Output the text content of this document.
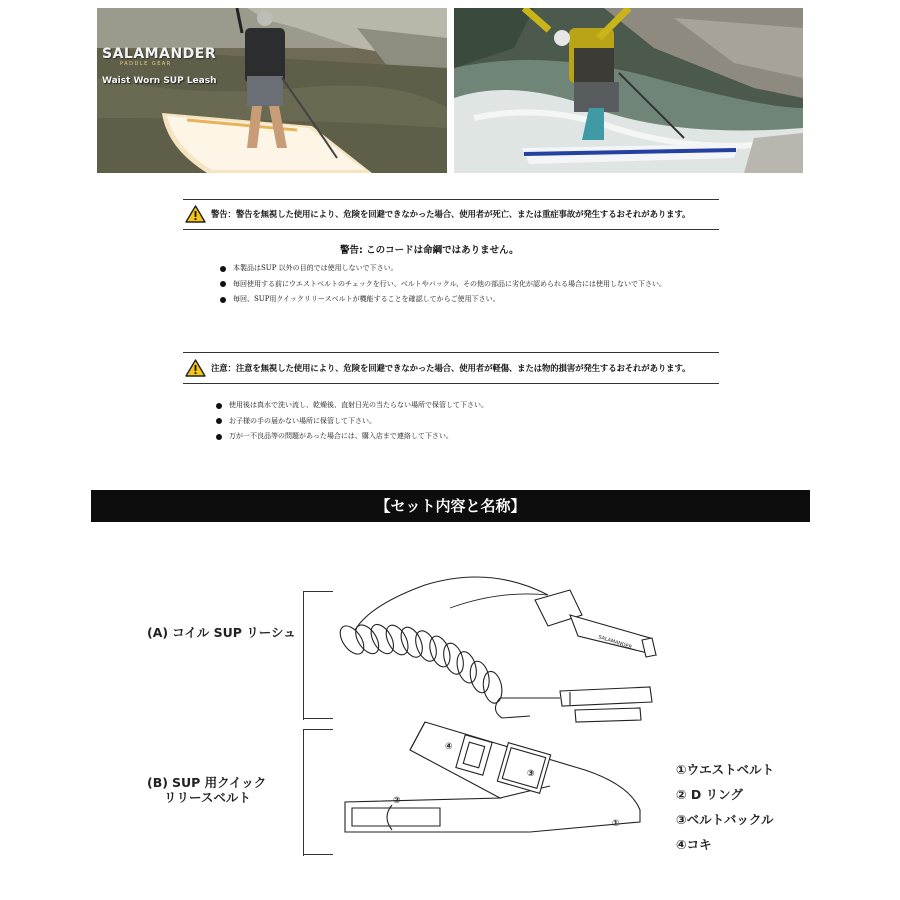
SALAMANDER
PADDLE GEAR
Waist Worn SUP Leash
警告：警告を無視した使用により、危険を回避できなかった場合、使用者が死亡、または重症事故が発生するおそれがあります。
警告: このコードは命綱ではありません。
本製品はSUP 以外の目的では使用しないで下さい。
毎回使用する前にウエストベルトのチェックを行い、ベルトやバックル、その他の部品に劣化が認められる場合には使用しないで下さい。
毎回、SUP用クイックリリースベルトが機能することを確認してからご使用下さい。
注意：注意を無視した使用により、危険を回避できなかった場合、使用者が軽傷、または物的損害が発生するおそれがあります。
使用後は真水で洗い流し、乾燥後、直射日光の当たらない場所で保管して下さい。
お子様の手の届かない場所に保管して下さい。
万が一不良品等の問題があった場合には、購入店まで連絡して下さい。
【セット内容と名称】
(A) コイル SUP リーシュ
(B) SUP 用クイック
リリースベルト
SALAMANDER
②
④
③
①
①ウエストベルト
② D リング
③ベルトバックル
④コキ
